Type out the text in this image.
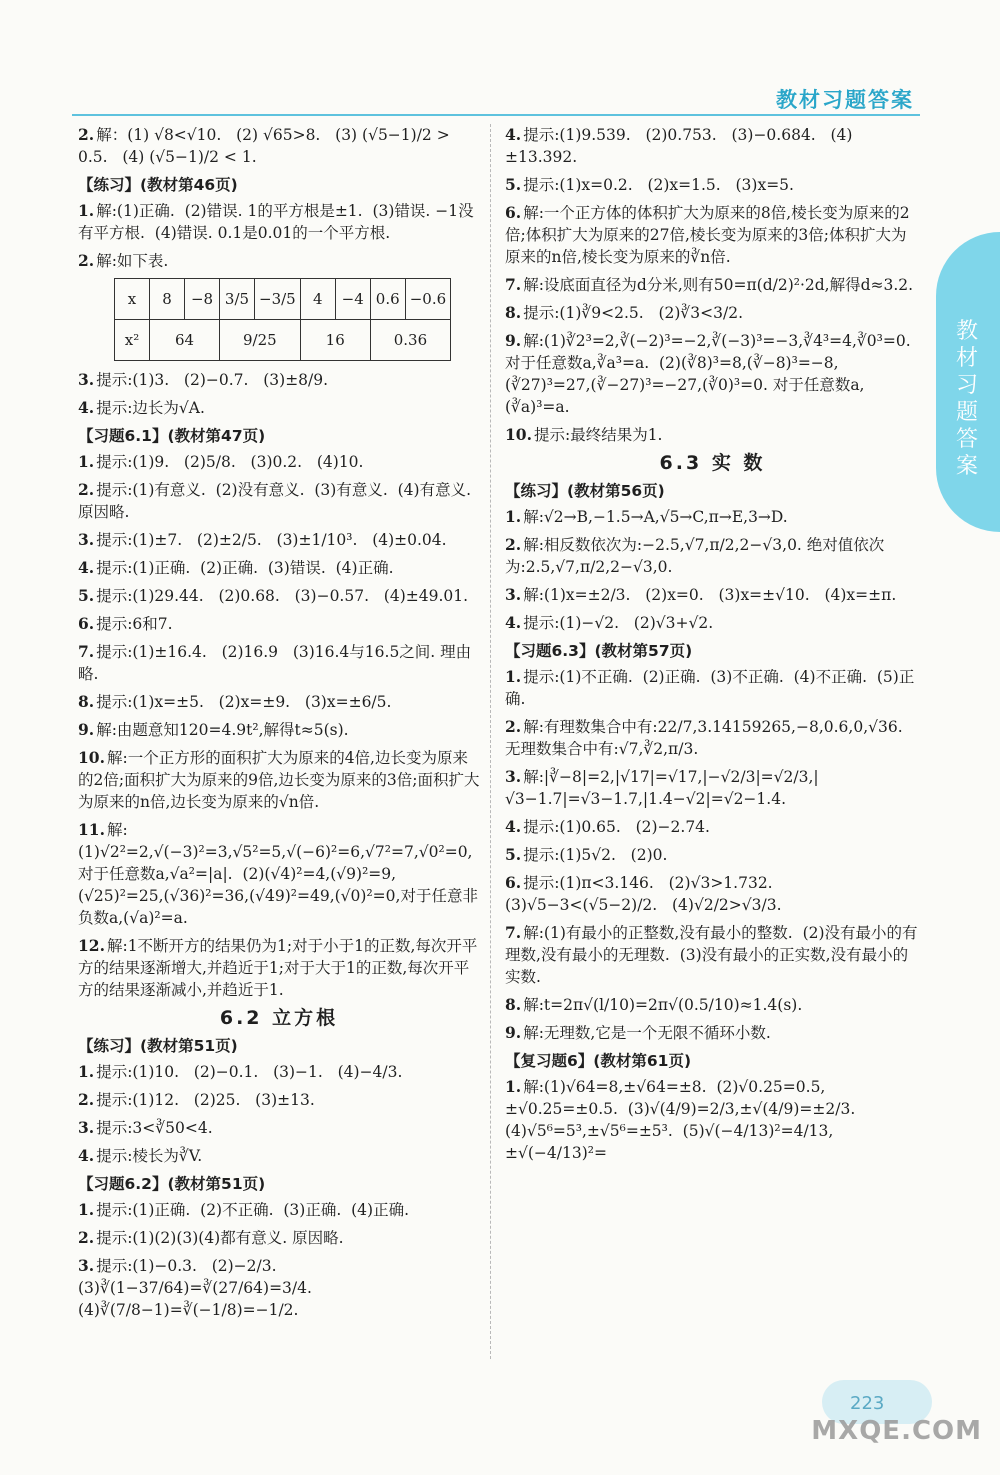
教材习题答案
教材习题答案
2. 解：(1) √8<√10.   (2) √65>8.   (3) (√5−1)/2 > 0.5.   (4) (√5−1)/2 < 1.
【练习】(教材第46页)
1. 解:(1)正确.  (2)错误. 1的平方根是±1.  (3)错误. −1没有平方根.  (4)错误. 0.1是0.01的一个平方根.
2. 解:如下表.
x	8	−8	3/5	−3/5	4	−4	0.6	−0.6
x²	64		9/25		16		0.36	
3. 提示:(1)3.   (2)−0.7.   (3)±8/9.
4. 提示:边长为√A.
【习题6.1】(教材第47页)
1. 提示:(1)9.   (2)5/8.   (3)0.2.   (4)10.
2. 提示:(1)有意义.  (2)没有意义.  (3)有意义.  (4)有意义. 原因略.
3. 提示:(1)±7.   (2)±2/5.   (3)±1/10³.   (4)±0.04.
4. 提示:(1)正确.  (2)正确.  (3)错误.  (4)正确.
5. 提示:(1)29.44.   (2)0.68.   (3)−0.57.   (4)±49.01.
6. 提示:6和7.
7. 提示:(1)±16.4.   (2)16.9   (3)16.4与16.5之间. 理由略.
8. 提示:(1)x=±5.   (2)x=±9.   (3)x=±6/5.
9. 解:由题意知120=4.9t²,解得t≈5(s).
10. 解:一个正方形的面积扩大为原来的4倍,边长变为原来的2倍;面积扩大为原来的9倍,边长变为原来的3倍;面积扩大为原来的n倍,边长变为原来的√n倍.
11. 解:(1)√2²=2,√(−3)²=3,√5²=5,√(−6)²=6,√7²=7,√0²=0,对于任意数a,√a²=|a|.  (2)(√4)²=4,(√9)²=9,(√25)²=25,(√36)²=36,(√49)²=49,(√0)²=0,对于任意非负数a,(√a)²=a.
12. 解:1不断开方的结果仍为1;对于小于1的正数,每次开平方的结果逐渐增大,并趋近于1;对于大于1的正数,每次开平方的结果逐渐减小,并趋近于1.
6.2 立方根
【练习】(教材第51页)
1. 提示:(1)10.   (2)−0.1.   (3)−1.   (4)−4/3.
2. 提示:(1)12.   (2)25.   (3)±13.
3. 提示:3<∛50<4.
4. 提示:棱长为∛V.
【习题6.2】(教材第51页)
1. 提示:(1)正确.  (2)不正确.  (3)正确.  (4)正确.
2. 提示:(1)(2)(3)(4)都有意义. 原因略.
3. 提示:(1)−0.3.   (2)−2/3.   (3)∛(1−37/64)=∛(27/64)=3/4.   (4)∛(7/8−1)=∛(−1/8)=−1/2.
4. 提示:(1)9.539.   (2)0.753.   (3)−0.684.   (4)±13.392.
5. 提示:(1)x=0.2.   (2)x=1.5.   (3)x=5.
6. 解:一个正方体的体积扩大为原来的8倍,棱长变为原来的2倍;体积扩大为原来的27倍,棱长变为原来的3倍;体积扩大为原来的n倍,棱长变为原来的∛n倍.
7. 解:设底面直径为d分米,则有50=π(d/2)²·2d,解得d≈3.2.
8. 提示:(1)∛9<2.5.   (2)∛3<3/2.
9. 解:(1)∛2³=2,∛(−2)³=−2,∛(−3)³=−3,∛4³=4,∛0³=0. 对于任意数a,∛a³=a.  (2)(∛8)³=8,(∛−8)³=−8,(∛27)³=27,(∛−27)³=−27,(∛0)³=0. 对于任意数a,(∛a)³=a.
10. 提示:最终结果为1.
6.3 实 数
【练习】(教材第56页)
1. 解:√2→B,−1.5→A,√5→C,π→E,3→D.
2. 解:相反数依次为:−2.5,√7,π/2,2−√3,0. 绝对值依次为:2.5,√7,π/2,2−√3,0.
3. 解:(1)x=±2/3.   (2)x=0.   (3)x=±√10.   (4)x=±π.
4. 提示:(1)−√2.   (2)√3+√2.
【习题6.3】(教材第57页)
1. 提示:(1)不正确.  (2)正确.  (3)不正确.  (4)不正确.  (5)正确.
2. 解:有理数集合中有:22/7,3.14159265,−8,0.6,0,√36.  无理数集合中有:√7,∛2,π/3.
3. 解:|∛−8|=2,|√17|=√17,|−√2/3|=√2/3,|√3−1.7|=√3−1.7,|1.4−√2|=√2−1.4.
4. 提示:(1)0.65.   (2)−2.74.
5. 提示:(1)5√2.   (2)0.
6. 提示:(1)π<3.146.   (2)√3>1.732.   (3)√5−3<(√5−2)/2.   (4)√2/2>√3/3.
7. 解:(1)有最小的正整数,没有最小的整数.  (2)没有最小的有理数,没有最小的无理数.  (3)没有最小的正实数,没有最小的实数.
8. 解:t=2π√(l/10)=2π√(0.5/10)≈1.4(s).
9. 解:无理数,它是一个无限不循环小数.
【复习题6】(教材第61页)
1. 解:(1)√64=8,±√64=±8.  (2)√0.25=0.5,±√0.25=±0.5.  (3)√(4/9)=2/3,±√(4/9)=±2/3.  (4)√5⁶=5³,±√5⁶=±5³.  (5)√(−4/13)²=4/13,±√(−4/13)²=
223
MXQE.COM
